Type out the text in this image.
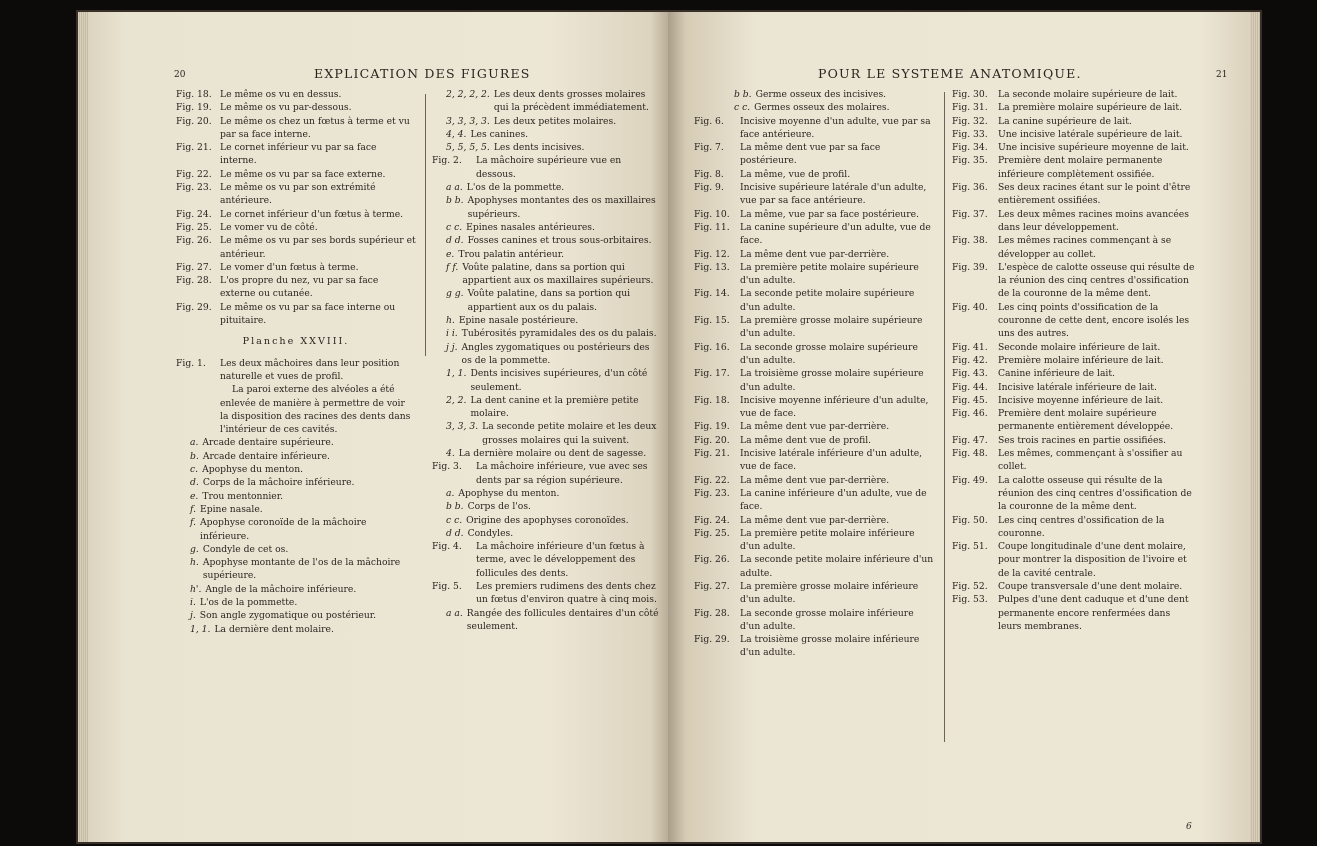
20	EXPLICATION DES FIGURES
Fig. 18. Le même os vu en dessus.
Fig. 19. Le même os vu par-dessous.
Fig. 20. Le même os chez un fœtus à terme et vu par sa face interne.
Fig. 21. Le cornet inférieur vu par sa face interne.
Fig. 22. Le même os vu par sa face externe.
Fig. 23. Le même os vu par son extrémité antérieure.
Fig. 24. Le cornet inférieur d'un fœtus à terme.
Fig. 25. Le vomer vu de côté.
Fig. 26. Le même os vu par ses bords supérieur et antérieur.
Fig. 27. Le vomer d'un fœtus à terme.
Fig. 28. L'os propre du nez, vu par sa face externe ou cutanée.
Fig. 29. Le même os vu par sa face interne ou pituitaire.
Planche XXVIII.
Fig. 1.	Les deux mâchoires dans leur position naturelle et vues de profil.
La paroi externe des alvéoles a été enlevée de manière à permettre de voir la disposition des racines des dents dans l'intérieur de ces cavités.
a. Arcade dentaire supérieure.
b. Arcade dentaire inférieure.
c. Apophyse du menton.
d. Corps de la mâchoire inférieure.
e. Trou mentonnier.
f. Epine nasale.
f. Apophyse coronoïde de la mâchoire inférieure.
g. Condyle de cet os.
h. Apophyse montante de l'os de la mâchoire supérieure.
h'. Angle de la mâchoire inférieure.
i. L'os de la pommette.
j. Son angle zygomatique ou postérieur.
1, 1. La dernière dent molaire.
2, 2, 2, 2. Les deux dents grosses molaires qui la précèdent immédiatement.
3, 3, 3, 3. Les deux petites molaires.
4, 4. Les canines.
5, 5, 5, 5. Les dents incisives.
Fig. 2.	La mâchoire supérieure vue en dessous.
a a. L'os de la pommette.
b b. Apophyses montantes des os maxillaires supérieurs.
c c. Epines nasales antérieures.
d d. Fosses canines et trous sous-orbitaires.
e. Trou palatin antérieur.
f f. Voûte palatine, dans sa portion qui appartient aux os maxillaires supérieurs.
g g. Voûte palatine, dans sa portion qui appartient aux os du palais.
h. Epine nasale postérieure.
i i. Tubérosités pyramidales des os du palais.
j j. Angles zygomatiques ou postérieurs des os de la pommette.
1, 1. Dents incisives supérieures, d'un côté seulement.
2, 2. La dent canine et la première petite molaire.
3, 3, 3. La seconde petite molaire et les deux grosses molaires qui la suivent.
4. La dernière molaire ou dent de sagesse.
Fig. 3.	La mâchoire inférieure, vue avec ses dents par sa région supérieure.
a. Apophyse du menton.
b b. Corps de l'os.
c c. Origine des apophyses coronoïdes.
d d. Condyles.
Fig. 4.	La mâchoire inférieure d'un fœtus à terme, avec le développement des follicules des dents.
Fig. 5.	Les premiers rudimens des dents chez un fœtus d'environ quatre à cinq mois.
a a. Rangée des follicules dentaires d'un côté seulement.
POUR LE SYSTEME ANATOMIQUE.	21
b b. Germe osseux des incisives.
c c. Germes osseux des molaires.
Fig. 6.	Incisive moyenne d'un adulte, vue par sa face antérieure.
Fig. 7.	La même dent vue par sa face postérieure.
Fig. 8.	La même, vue de profil.
Fig. 9.	Incisive supérieure latérale d'un adulte, vue par sa face antérieure.
Fig. 10.	La même, vue par sa face postérieure.
Fig. 11.	La canine supérieure d'un adulte, vue de face.
Fig. 12.	La même dent vue par-derrière.
Fig. 13.	La première petite molaire supérieure d'un adulte.
Fig. 14.	La seconde petite molaire supérieure d'un adulte.
Fig. 15.	La première grosse molaire supérieure d'un adulte.
Fig. 16.	La seconde grosse molaire supérieure d'un adulte.
Fig. 17.	La troisième grosse molaire supérieure d'un adulte.
Fig. 18.	Incisive moyenne inférieure d'un adulte, vue de face.
Fig. 19.	La même dent vue par-derrière.
Fig. 20.	La même dent vue de profil.
Fig. 21.	Incisive latérale inférieure d'un adulte, vue de face.
Fig. 22.	La même dent vue par-derrière.
Fig. 23.	La canine inférieure d'un adulte, vue de face.
Fig. 24.	La même dent vue par-derrière.
Fig. 25.	La première petite molaire inférieure d'un adulte.
Fig. 26.	La seconde petite molaire inférieure d'un adulte.
Fig. 27.	La première grosse molaire inférieure d'un adulte.
Fig. 28.	La seconde grosse molaire inférieure d'un adulte.
Fig. 29.	La troisième grosse molaire inférieure d'un adulte.
Fig. 30.	La seconde molaire supérieure de lait.
Fig. 31.	La première molaire supérieure de lait.
Fig. 32.	La canine supérieure de lait.
Fig. 33.	Une incisive latérale supérieure de lait.
Fig. 34.	Une incisive supérieure moyenne de lait.
Fig. 35.	Première dent molaire permanente inférieure complètement ossifiée.
Fig. 36.	Ses deux racines étant sur le point d'être entièrement ossifiées.
Fig. 37.	Les deux mêmes racines moins avancées dans leur développement.
Fig. 38.	Les mêmes racines commençant à se développer au collet.
Fig. 39.	L'espèce de calotte osseuse qui résulte de la réunion des cinq centres d'ossification de la couronne de la même dent.
Fig. 40.	Les cinq points d'ossification de la couronne de cette dent, encore isolés les uns des autres.
Fig. 41.	Seconde molaire inférieure de lait.
Fig. 42.	Première molaire inférieure de lait.
Fig. 43.	Canine inférieure de lait.
Fig. 44.	Incisive latérale inférieure de lait.
Fig. 45.	Incisive moyenne inférieure de lait.
Fig. 46.	Première dent molaire supérieure permanente entièrement développée.
Fig. 47.	Ses trois racines en partie ossifiées.
Fig. 48.	Les mêmes, commençant à s'ossifier au collet.
Fig. 49.	La calotte osseuse qui résulte de la réunion des cinq centres d'ossification de la couronne de la même dent.
Fig. 50.	Les cinq centres d'ossification de la couronne.
Fig. 51.	Coupe longitudinale d'une dent molaire, pour montrer la disposition de l'ivoire et de la cavité centrale.
Fig. 52.	Coupe transversale d'une dent molaire.
Fig. 53.	Pulpes d'une dent caduque et d'une dent permanente encore renfermées dans leurs membranes.
6
